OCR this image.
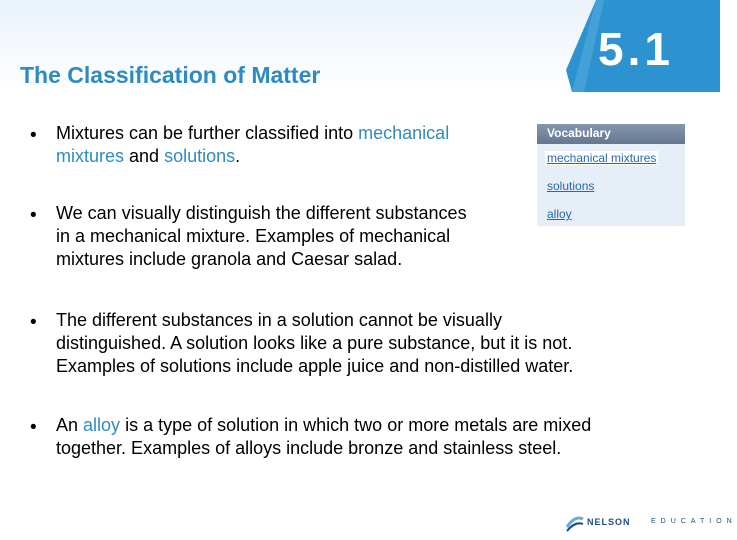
5.1
The Classification of Matter
• Mixtures can be further classified into mechanical
mixtures and solutions.
• We can visually distinguish the different substances
in a mechanical mixture. Examples of mechanical
mixtures include granola and Caesar salad.
• The different substances in a solution cannot be visually
distinguished. A solution looks like a pure substance, but it is not.
Examples of solutions include apple juice and non-distilled water.
• An alloy is a type of solution in which two or more metals are mixed
together. Examples of alloys include bronze and stainless steel.
Vocabulary
mechanical mixtures
solutions
alloy
NELSON	EDUCATION
